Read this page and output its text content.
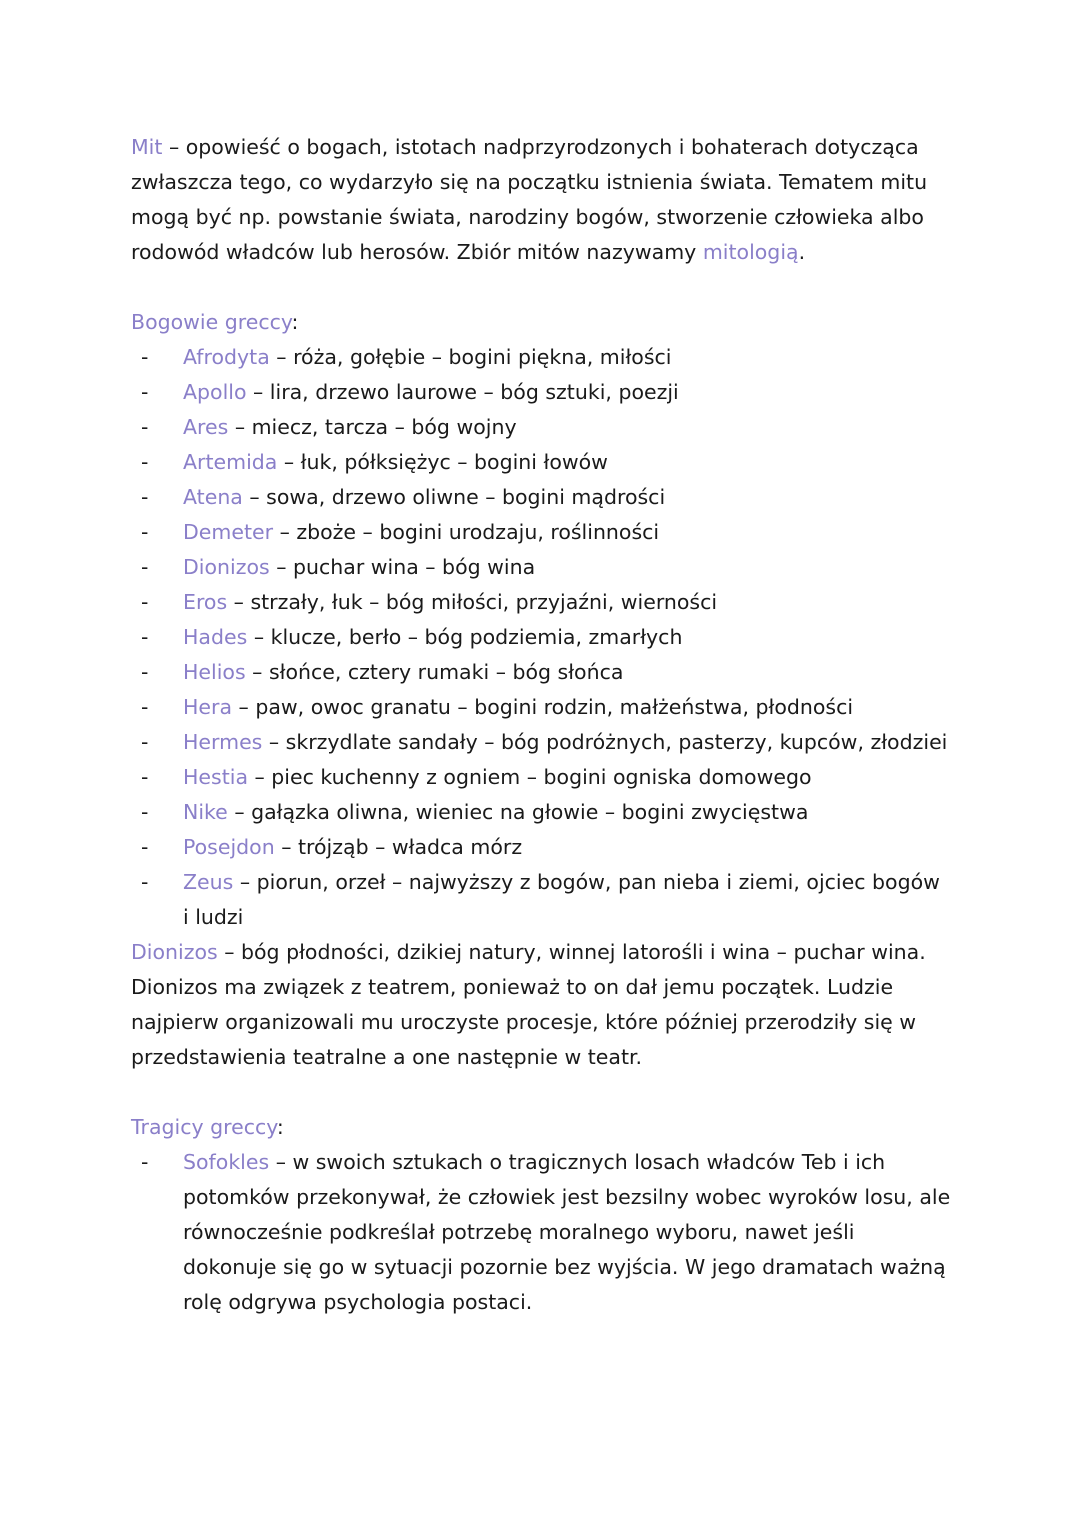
Mit – opowieść o bogach, istotach nadprzyrodzonych i bohaterach dotycząca zwłaszcza tego, co wydarzyło się na początku istnienia świata. Tematem mitu mogą być np. powstanie świata, narodziny bogów, stworzenie człowieka albo rodowód władców lub herosów. Zbiór mitów nazywamy mitologią.

Bogowie greccy:

- Afrodyta – róża, gołębie – bogini piękna, miłości
- Apollo – lira, drzewo laurowe – bóg sztuki, poezji
- Ares – miecz, tarcza – bóg wojny
- Artemida – łuk, półksiężyc – bogini łowów
- Atena – sowa, drzewo oliwne – bogini mądrości
- Demeter – zboże – bogini urodzaju, roślinności
- Dionizos – puchar wina – bóg wina
- Eros – strzały, łuk – bóg miłości, przyjaźni, wierności
- Hades – klucze, berło – bóg podziemia, zmarłych
- Helios – słońce, cztery rumaki – bóg słońca
- Hera – paw, owoc granatu – bogini rodzin, małżeństwa, płodności
- Hermes – skrzydlate sandały – bóg podróżnych, pasterzy, kupców, złodziei
- Hestia – piec kuchenny z ogniem – bogini ogniska domowego
- Nike – gałązka oliwna, wieniec na głowie – bogini zwycięstwa
- Posejdon – trójząb – władca mórz
- Zeus – piorun, orzeł – najwyższy z bogów, pan nieba i ziemi, ojciec bogów i ludzi

Dionizos – bóg płodności, dzikiej natury, winnej latorośli i wina – puchar wina. Dionizos ma związek z teatrem, ponieważ to on dał jemu początek. Ludzie najpierw organizowali mu uroczyste procesje, które później przerodziły się w przedstawienia teatralne a one następnie w teatr.

Tragicy greccy:

- Sofokles – w swoich sztukach o tragicznych losach władców Teb i ich potomków przekonywał, że człowiek jest bezsilny wobec wyroków losu, ale równocześnie podkreślał potrzebę moralnego wyboru, nawet jeśli dokonuje się go w sytuacji pozornie bez wyjścia. W jego dramatach ważną rolę odgrywa psychologia postaci.
